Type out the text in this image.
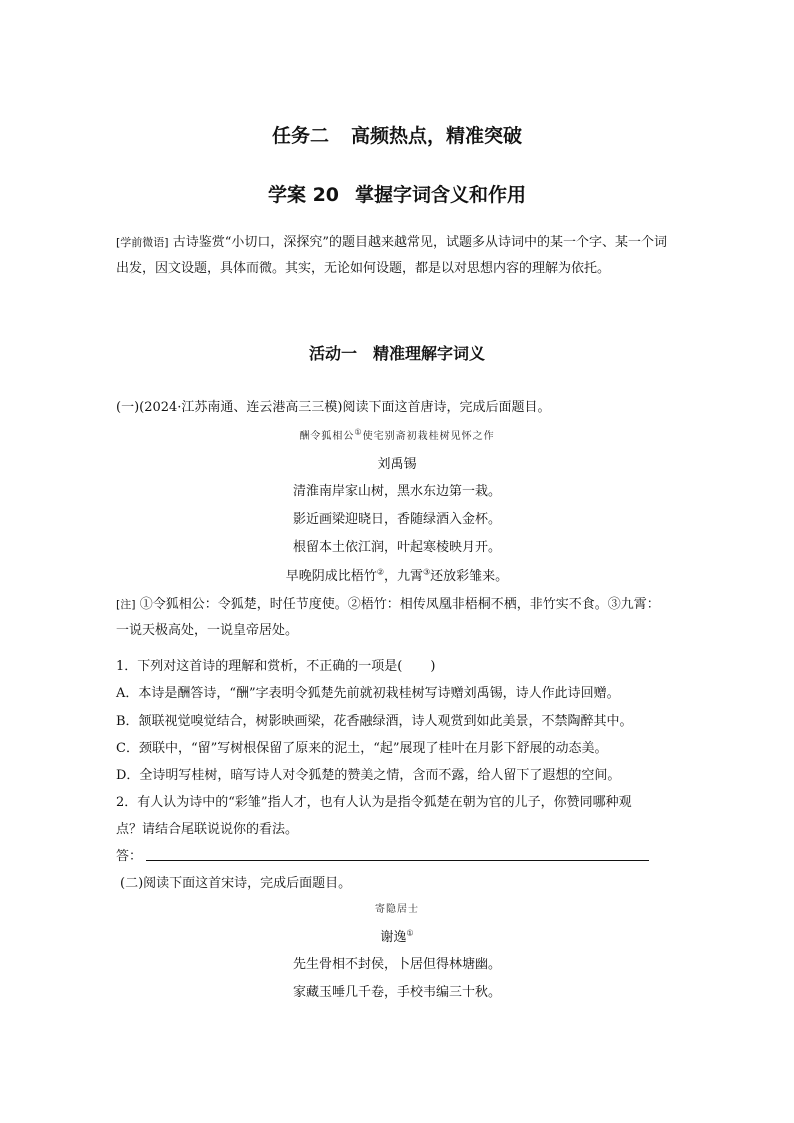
任务二 高频热点，精准突破
学案 20 掌握字词含义和作用
[学前微语] 古诗鉴赏“小切口，深探究”的题目越来越常见，试题多从诗词中的某一个字、某一个词出发，因文设题，具体而微。其实，无论如何设题，都是以对思想内容的理解为依托。
活动一 精准理解字词义
(一)(2024·江苏南通、连云港高三三模)阅读下面这首唐诗，完成后面题目。
酬令狐相公①使宅别斋初栽桂树见怀之作
刘禹锡
清淮南岸家山树，黑水东边第一栽。
影近画梁迎晓日，香随绿酒入金杯。
根留本土依江润，叶起寒棱映月开。
早晚阴成比梧竹②，九霄③还放彩雏来。
[注] ①令狐相公：令狐楚，时任节度使。②梧竹：相传凤凰非梧桐不栖，非竹实不食。③九霄：一说天极高处，一说皇帝居处。
1．下列对这首诗的理解和赏析，不正确的一项是( )
A．本诗是酬答诗，“酬”字表明令狐楚先前就初栽桂树写诗赠刘禹锡，诗人作此诗回赠。
B．颔联视觉嗅觉结合，树影映画梁，花香融绿酒，诗人观赏到如此美景，不禁陶醉其中。
C．颈联中，“留”写树根保留了原来的泥土，“起”展现了桂叶在月影下舒展的动态美。
D．全诗明写桂树，暗写诗人对令狐楚的赞美之情，含而不露，给人留下了遐想的空间。
2．有人认为诗中的“彩雏”指人才，也有人认为是指令狐楚在朝为官的儿子，你赞同哪种观
点？请结合尾联说说你的看法。
答：
(二)阅读下面这首宋诗，完成后面题目。
寄隐居士
谢逸①
先生骨相不封侯，卜居但得林塘幽。
家藏玉唾几千卷，手校韦编三十秋。
